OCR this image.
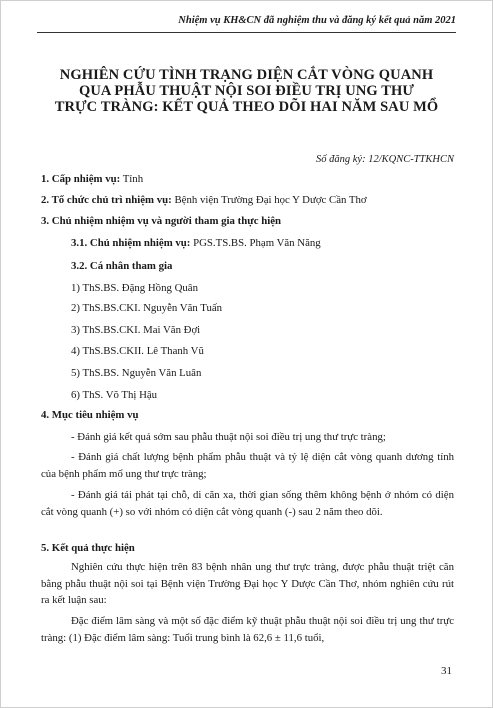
Nhiệm vụ KH&CN đã nghiệm thu và đăng ký kết quả năm 2021
NGHIÊN CỨU TÌNH TRẠNG DIỆN CẮT VÒNG QUANH
QUA PHẪU THUẬT NỘI SOI ĐIỀU TRỊ UNG THƯ
TRỰC TRÀNG: KẾT QUẢ THEO DÕI HAI NĂM SAU MỔ
Số đăng ký: 12/KQNC-TTKHCN
1. Cấp nhiệm vụ: Tỉnh
2. Tổ chức chủ trì nhiệm vụ: Bệnh viện Trường Đại học Y Dược Cần Thơ
3. Chủ nhiệm nhiệm vụ và người tham gia thực hiện
3.1. Chủ nhiệm nhiệm vụ: PGS.TS.BS. Phạm Văn Năng
3.2. Cá nhân tham gia
1) ThS.BS. Đặng Hồng Quân
2) ThS.BS.CKI. Nguyễn Văn Tuấn
3) ThS.BS.CKI. Mai Văn Đợi
4) ThS.BS.CKII. Lê Thanh Vũ
5) ThS.BS. Nguyễn Văn Luân
6) ThS. Võ Thị Hậu
4. Mục tiêu nhiệm vụ
- Đánh giá kết quả sớm sau phẫu thuật nội soi điều trị ung thư trực tràng;
- Đánh giá chất lượng bệnh phẩm phẫu thuật và tỷ lệ diện cắt vòng quanh dương tính của bệnh phẩm mổ ung thư trực tràng;
- Đánh giá tái phát tại chỗ, di căn xa, thời gian sống thêm không bệnh ở nhóm có diện cắt vòng quanh (+) so với nhóm có diện cắt vòng quanh (-) sau 2 năm theo dõi.
5. Kết quả thực hiện
Nghiên cứu thực hiện trên 83 bệnh nhân ung thư trực tràng, được phẫu thuật triệt căn bằng phẫu thuật nội soi tại Bệnh viện Trường Đại học Y Dược Cần Thơ, nhóm nghiên cứu rút ra kết luận sau:
Đặc điểm lâm sàng và một số đặc điểm kỹ thuật phẫu thuật nội soi điều trị ung thư trực tràng: (1) Đặc điểm lâm sàng: Tuổi trung bình là 62,6 ± 11,6 tuổi,
31
